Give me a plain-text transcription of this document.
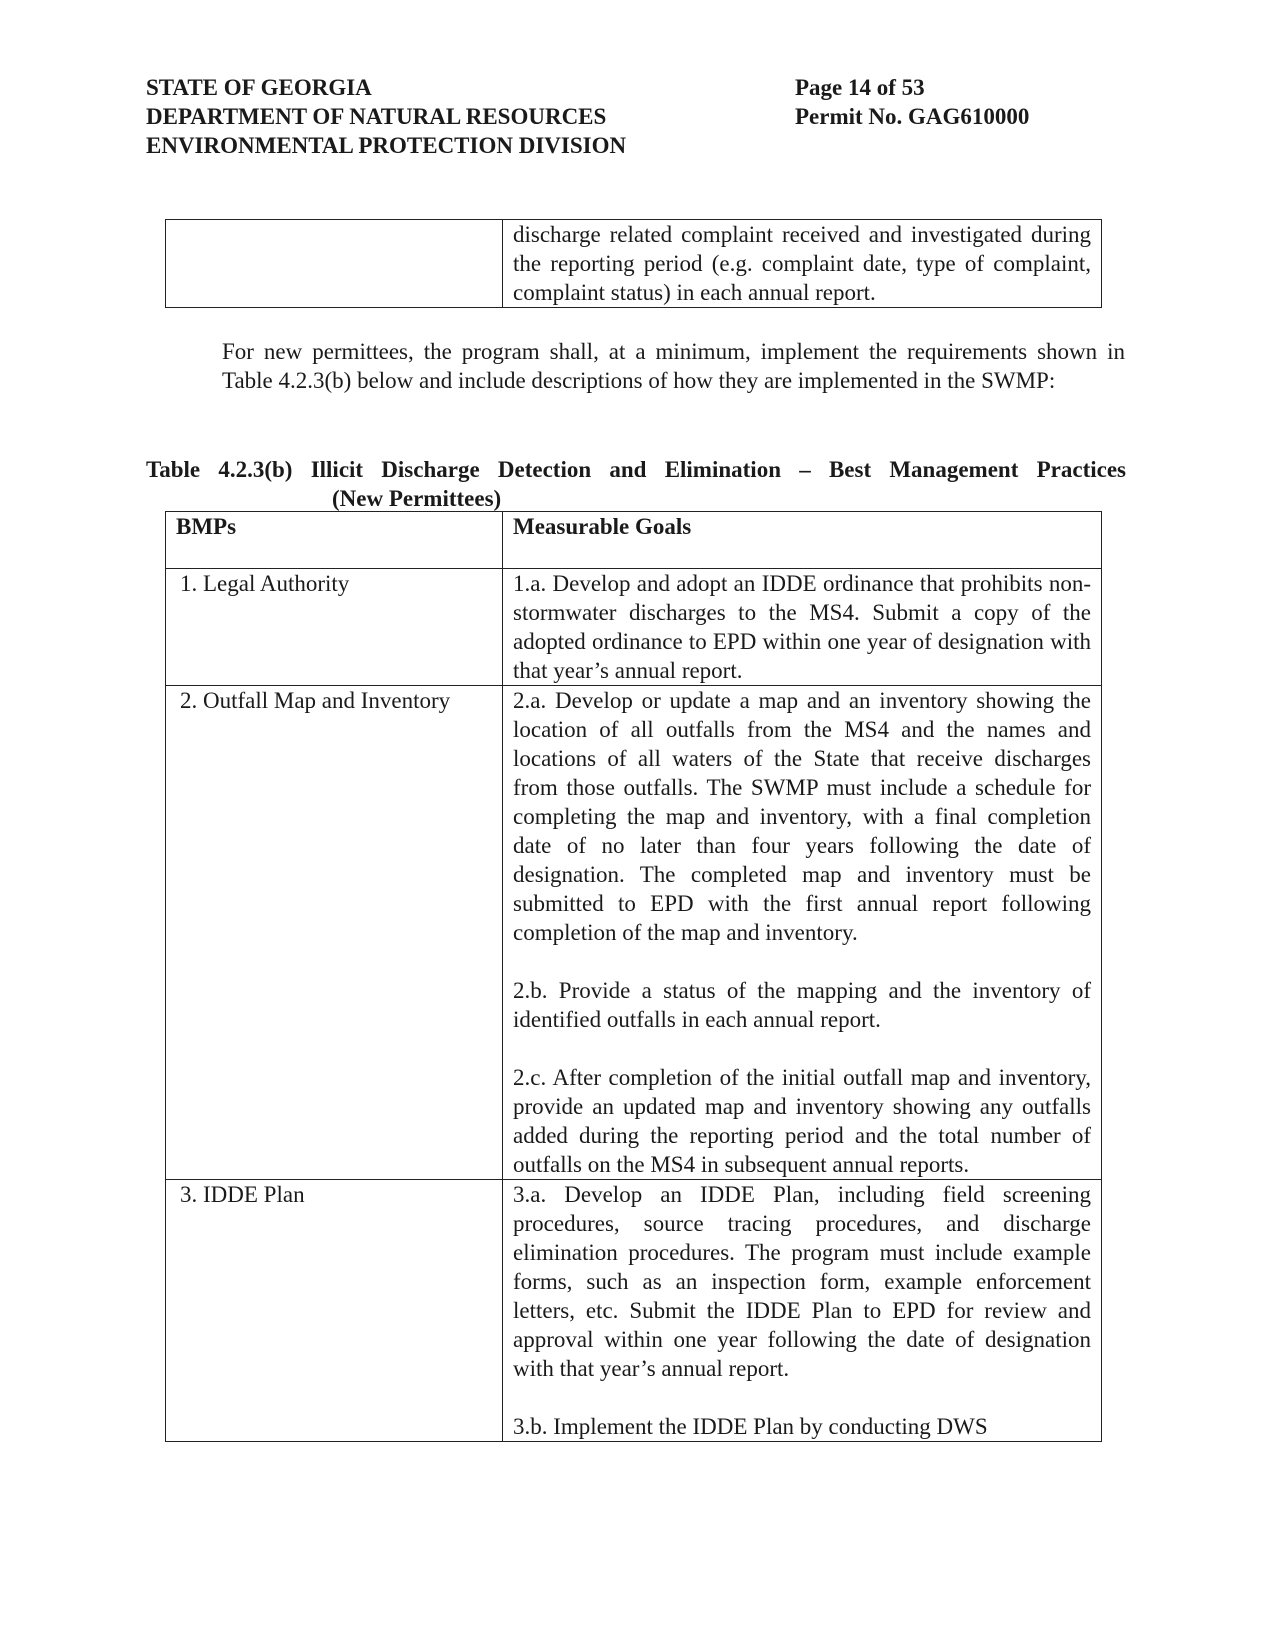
STATE OF GEORGIA
DEPARTMENT OF NATURAL RESOURCES
ENVIRONMENTAL PROTECTION DIVISION
Page 14 of 53
Permit No. GAG610000
	discharge related complaint received and investigated during the reporting period (e.g. complaint date, type of complaint, complaint status) in each annual report.
For new permittees, the program shall, at a minimum, implement the requirements shown in Table 4.2.3(b) below and include descriptions of how they are implemented in the SWMP:
Table 4.2.3(b) Illicit Discharge Detection and Elimination – Best Management Practices
(New Permittees)
BMPs	Measurable Goals
1. Legal Authority	1.a. Develop and adopt an IDDE ordinance that prohibits non-stormwater discharges to the MS4. Submit a copy of the adopted ordinance to EPD within one year of designation with that year’s annual report.

2. Outfall Map and Inventory	2.a. Develop or update a map and an inventory showing the location of all outfalls from the MS4 and the names and locations of all waters of the State that receive discharges from those outfalls. The SWMP must include a schedule for completing the map and inventory, with a final completion date of no later than four years following the date of designation. The completed map and inventory must be submitted to EPD with the first annual report following completion of the map and inventory.

2.b. Provide a status of the mapping and the inventory of identified outfalls in each annual report.

2.c. After completion of the initial outfall map and inventory, provide an updated map and inventory showing any outfalls added during the reporting period and the total number of outfalls on the MS4 in subsequent annual reports.

3. IDDE Plan	3.a. Develop an IDDE Plan, including field screening procedures, source tracing procedures, and discharge elimination procedures. The program must include example forms, such as an inspection form, example enforcement letters, etc. Submit the IDDE Plan to EPD for review and approval within one year following the date of designation with that year’s annual report.

3.b. Implement the IDDE Plan by conducting DWS
